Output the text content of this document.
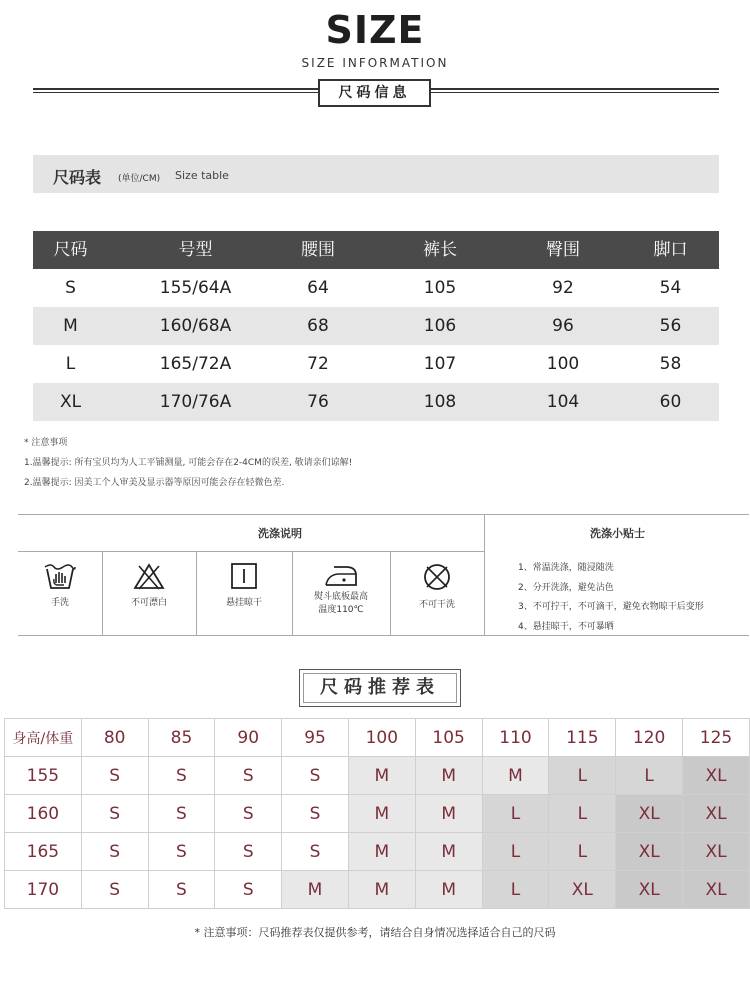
SIZE
SIZE INFORMATION
尺码信息
尺码表 (单位/CM) Size table
尺码	号型	腰围	裤长	臀围	脚口
S	155/64A	64	105	92	54
M	160/68A	68	106	96	56
L	165/72A	72	107	100	58
XL	170/76A	76	108	104	60
* 注意事项
1.温馨提示: 所有宝贝均为人工平铺测量, 可能会存在2-4CM的误差, 敬请亲们谅解!
2.温馨提示: 因美工个人审美及显示器等原因可能会存在轻微色差.
洗涤说明	洗涤小贴士
手洗	不可漂白	悬挂晾干
熨斗底板最高
温度110℃	不可干洗
1、常温洗涤，随浸随洗
2、分开洗涤，避免沾色
3、不可拧干，不可滴干，避免衣物晾干后变形
4、悬挂晾干，不可暴晒
尺码推荐表
身高/体重	80	85	90	95	100	105	110	115	120	125
155	S	S	S	S	M	M	M	L	L	XL
160	S	S	S	S	M	M	L	L	XL	XL
165	S	S	S	S	M	M	L	L	XL	XL
170	S	S	S	M	M	M	L	XL	XL	XL
* 注意事项：尺码推荐表仅提供参考，请结合自身情况选择适合自己的尺码
